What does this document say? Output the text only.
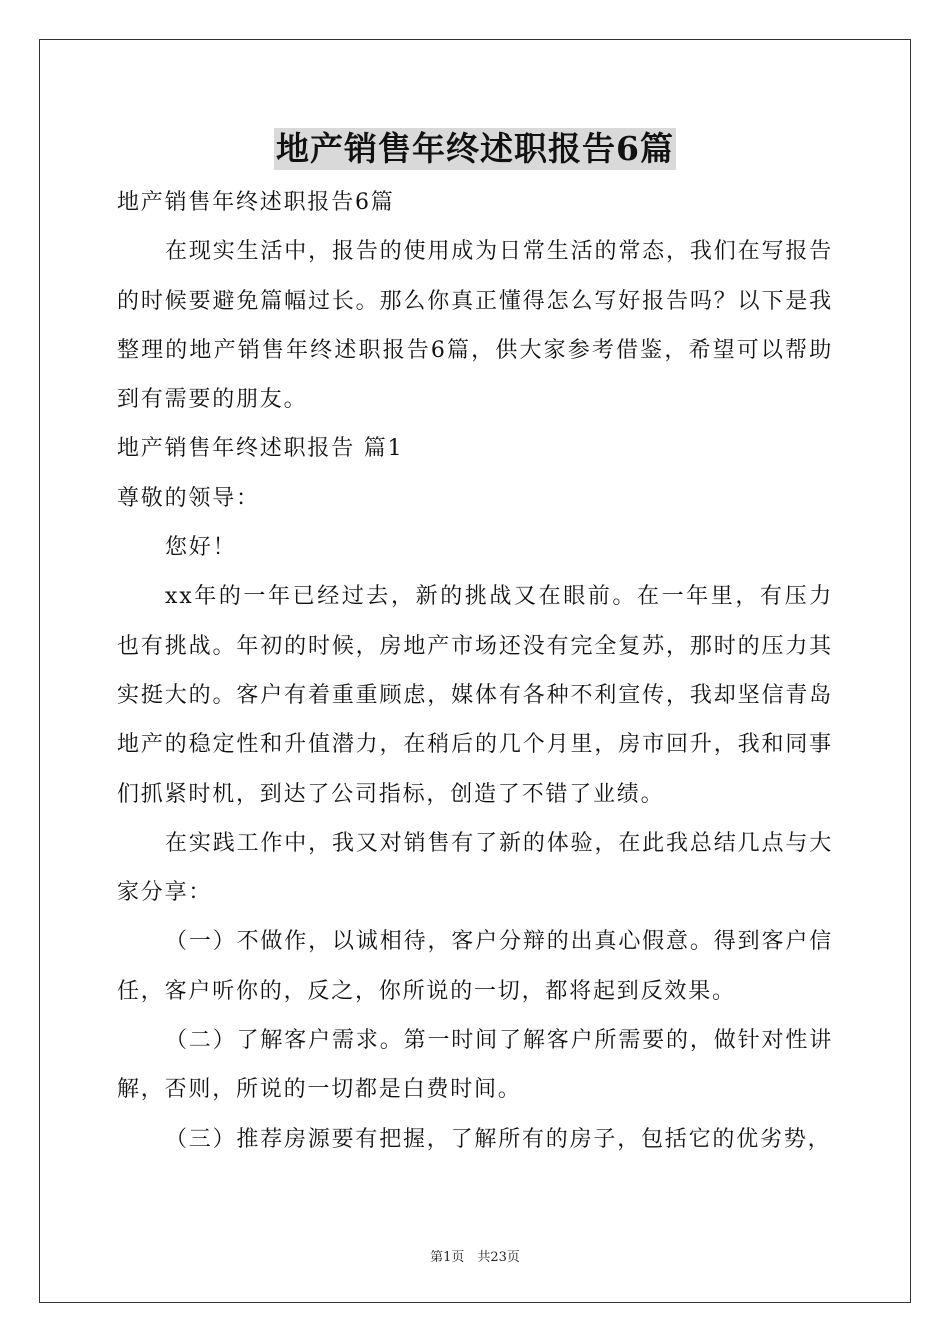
地产销售年终述职报告6篇

地产销售年终述职报告6篇

在现实生活中，报告的使用成为日常生活的常态，我们在写报告的时候要避免篇幅过长。那么你真正懂得怎么写好报告吗？以下是我整理的地产销售年终述职报告6篇，供大家参考借鉴，希望可以帮助到有需要的朋友。

地产销售年终述职报告 篇1

尊敬的领导：

您好！

xx年的一年已经过去，新的挑战又在眼前。在一年里，有压力也有挑战。年初的时候，房地产市场还没有完全复苏，那时的压力其实挺大的。客户有着重重顾虑，媒体有各种不利宣传，我却坚信青岛地产的稳定性和升值潜力，在稍后的几个月里，房市回升，我和同事们抓紧时机，到达了公司指标，创造了不错了业绩。

在实践工作中，我又对销售有了新的体验，在此我总结几点与大家分享：

（一）不做作，以诚相待，客户分辩的出真心假意。得到客户信任，客户听你的，反之，你所说的一切，都将起到反效果。

（二）了解客户需求。第一时间了解客户所需要的，做针对性讲解，否则，所说的一切都是白费时间。

（三）推荐房源要有把握，了解所有的房子，包括它的优劣势，

第1页　共23页
